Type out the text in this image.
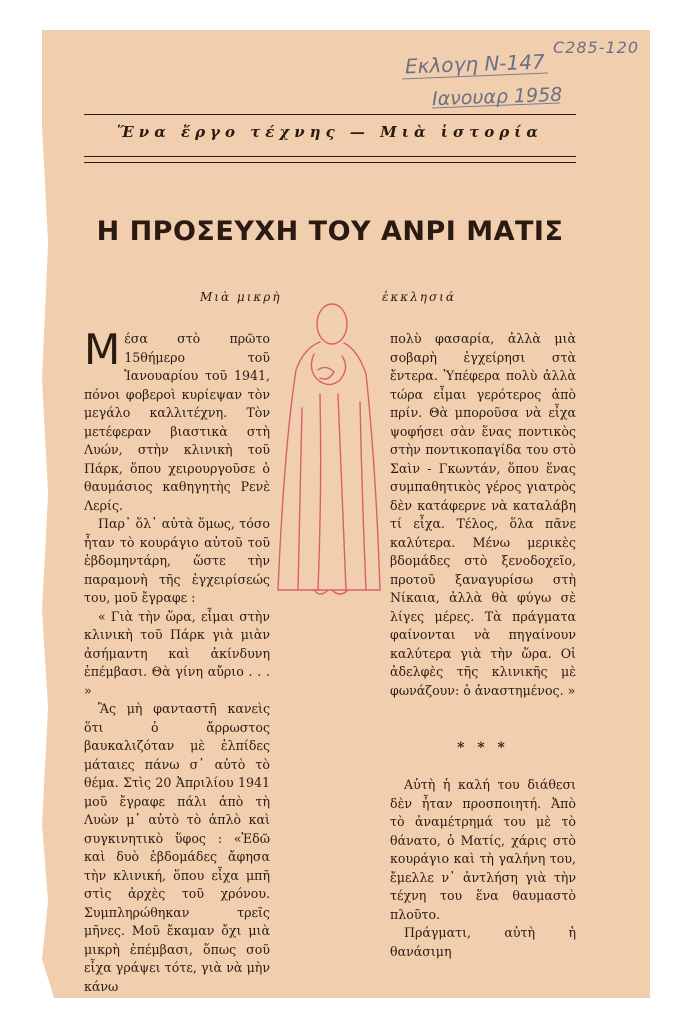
C285-120
Εκλογη Ν-147
Ιανουαρ 1958
Ἕνα ἔργο τέχνης — Μιὰ ἱστορία
Η ΠΡΟΣΕΥΧΗ ΤΟΥ ΑΝΡΙ ΜΑΤΙΣ
Μιὰ μικρὴ	ἐκκλησιά

Μέσα στὸ πρῶτο 15θήμερο τοῦ Ἰανουαρίου τοῦ 1941, πόνοι φοβεροὶ κυρίεψαν τὸν μεγάλο καλλιτέχνη. Τὸν μετέφεραν βιαστικὰ στὴ Λυών, στὴν κλινικὴ τοῦ Πάρκ, ὅπου χειρουργοῦσε ὁ θαυμάσιος καθηγητὴς Ρενὲ Λερίς.

Παρ᾽ ὅλ᾽ αὐτὰ ὅμως, τόσο ἦταν τὸ κουράγιο αὐτοῦ τοῦ ἑβδομηντάρη, ὥστε τὴν παραμονὴ τῆς ἐγχειρίσεώς του, μοῦ ἔγραφε :

« Γιὰ τὴν ὥρα, εἶμαι στὴν κλινικὴ τοῦ Πάρκ γιὰ μιὰν ἀσήμαντη καὶ ἀκίνδυνη ἐπέμβασι. Θὰ γίνη αὔριο . . . »

Ἂς μὴ φανταστῆ κανεὶς ὅτι ὁ ἄρρωστος βαυκαλιζόταν μὲ ἐλπίδες μάταιες πάνω σ᾽ αὐτὸ τὸ θέμα. Στὶς 20 Ἀπριλίου 1941 μοῦ ἔγραφε πάλι ἀπὸ τὴ Λυὼν μ᾽ αὐτὸ τὸ ἁπλὸ καὶ συγκινητικὸ ὕφος : «Ἐδῶ καὶ δυὸ ἑβδομάδες ἄφησα τὴν κλινική, ὅπου εἶχα μπῆ στὶς ἀρχὲς τοῦ χρόνου. Συμπληρώθηκαν τρεῖς μῆνες. Μοῦ ἔκαμαν ὄχι μιὰ μικρὴ ἐπέμβασι, ὅπως σοῦ εἶχα γράψει τότε, γιὰ νὰ μὴν κάνω

πολὺ φασαρία, ἀλλὰ μιὰ σοβαρὴ ἐγχείρησι στὰ ἔντερα. Ὑπέφερα πολὺ ἀλλὰ τώρα εἶμαι γερότερος ἀπὸ πρίν. Θὰ μποροῦσα νὰ εἶχα ψοφήσει σὰν ἕνας ποντικὸς στὴν ποντικοπαγίδα του στὸ Σαὶν - Γκωντάν, ὅπου ἕνας συμπαθητικὸς γέρος γιατρὸς δὲν κατάφερνε νὰ καταλάβη τί εἶχα. Τέλος, ὅλα πᾶνε καλύτερα. Μένω μερικὲς βδομάδες στὸ ξενοδοχεῖο, προτοῦ ξαναγυρίσω στὴ Νίκαια, ἀλλὰ θὰ φύγω σὲ λίγες μέρες. Τὰ πράγματα φαίνονται νὰ πηγαίνουν καλύτερα γιὰ τὴν ὥρα. Οἱ ἀδελφὲς τῆς κλινικῆς μὲ φωνάζουν: ὁ ἀναστημένος. »

* * *

Αὐτὴ ἡ καλή του διάθεσι δὲν ἦταν προσποιητή. Ἀπὸ τὸ ἀναμέτρημά του μὲ τὸ θάνατο, ὁ Ματίς, χάρις στὸ κουράγιο καὶ τὴ γαλήνη του, ἔμελλε ν᾽ ἀντλήση γιὰ τὴν τέχνη του ἕνα θαυμαστὸ πλοῦτο.

Πράγματι, αὐτὴ ἡ θανάσιμη
